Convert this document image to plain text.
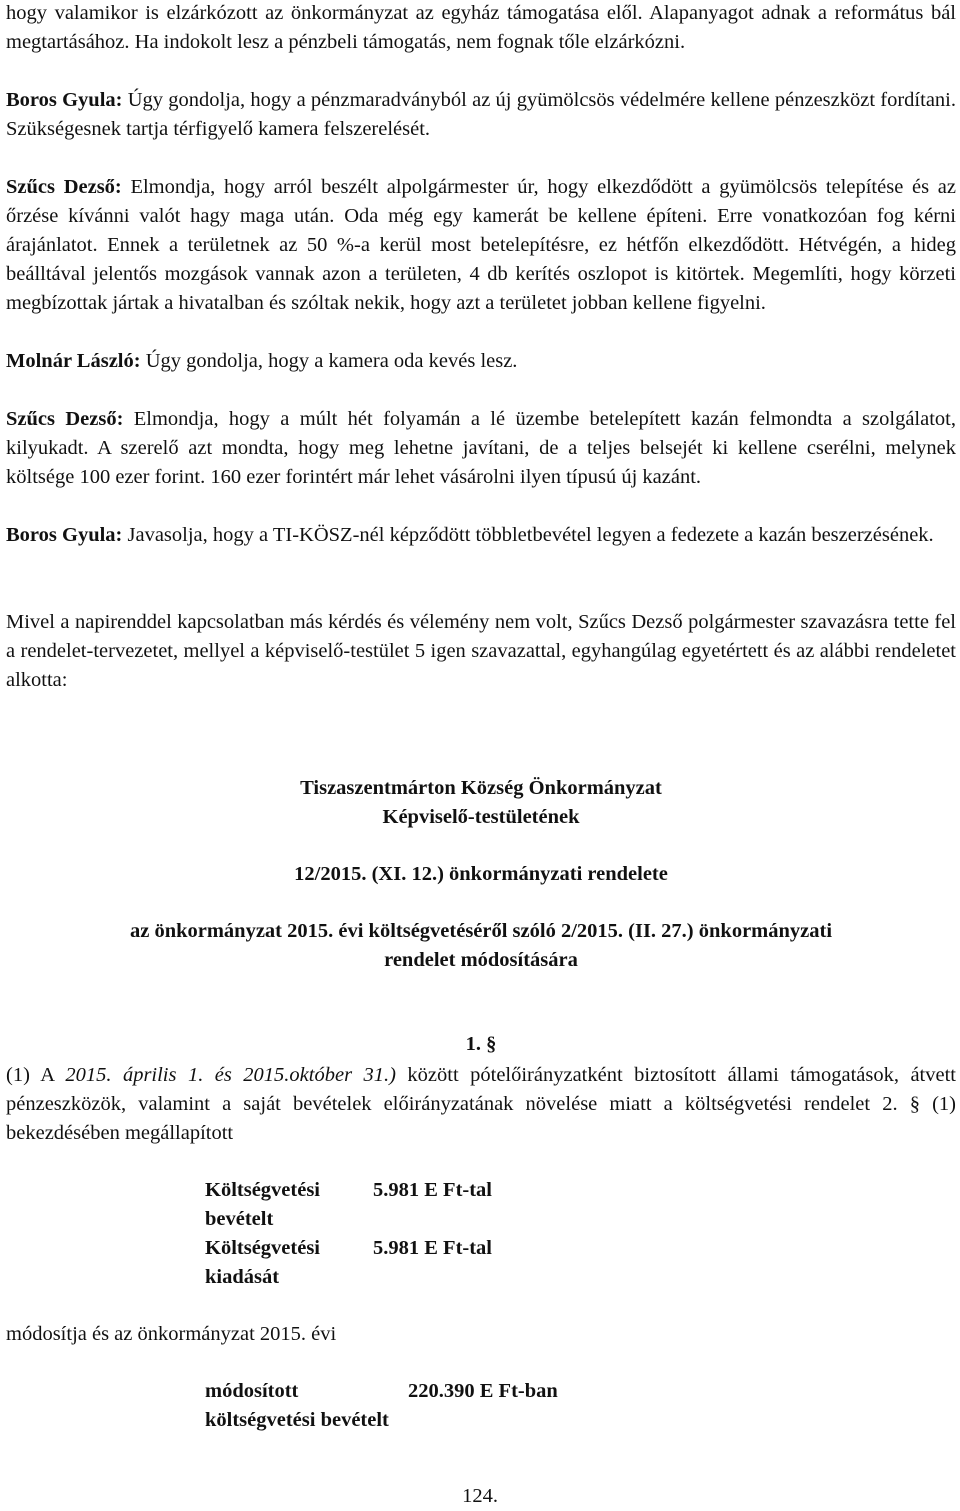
hogy valamikor is elzárkózott az önkormányzat az egyház támogatása elől. Alapanyagot adnak a református bál megtartásához. Ha indokolt lesz a pénzbeli támogatás, nem fognak tőle elzárkózni.

Boros Gyula: Úgy gondolja, hogy a pénzmaradványból az új gyümölcsös védelmére kellene pénzeszközt fordítani. Szükségesnek tartja térfigyelő kamera felszerelését.

Szűcs Dezső: Elmondja, hogy arról beszélt alpolgármester úr, hogy elkezdődött a gyümölcsös telepítése és az őrzése kívánni valót hagy maga után. Oda még egy kamerát be kellene építeni. Erre vonatkozóan fog kérni árajánlatot. Ennek a területnek az 50 %-a kerül most betelepítésre, ez hétfőn elkezdődött. Hétvégén, a hideg beálltával jelentős mozgások vannak azon a területen, 4 db kerítés oszlopot is kitörtek. Megemlíti, hogy körzeti megbízottak jártak a hivatalban és szóltak nekik, hogy azt a területet jobban kellene figyelni.

Molnár László: Úgy gondolja, hogy a kamera oda kevés lesz.

Szűcs Dezső: Elmondja, hogy a múlt hét folyamán a lé üzembe betelepített kazán felmondta a szolgálatot, kilyukadt. A szerelő azt mondta, hogy meg lehetne javítani, de a teljes belsejét ki kellene cserélni, melynek költsége 100 ezer forint. 160 ezer forintért már lehet vásárolni ilyen típusú új kazánt.

Boros Gyula: Javasolja, hogy a TI-KÖSZ-nél képződött többletbevétel legyen a fedezete a kazán beszerzésének.

Mivel a napirenddel kapcsolatban más kérdés és vélemény nem volt, Szűcs Dezső polgármester szavazásra tette fel a rendelet-tervezetet, mellyel a képviselő-testület 5 igen szavazattal, egyhangúlag egyetértett és az alábbi rendeletet alkotta:

Tiszaszentmárton Község Önkormányzat

Képviselő-testületének

12/2015. (XI. 12.) önkormányzati rendelete

az önkormányzat 2015. évi költségvetéséről szóló 2/2015. (II. 27.) önkormányzati

rendelet módosítására

1. §

(1) A 2015. április 1. és 2015.október 31.) között pótelőirányzatként biztosított állami támogatások, átvett pénzeszközök, valamint a saját bevételek előirányzatának növelése miatt a költségvetési rendelet 2. § (1) bekezdésében megállapított

Költségvetési bevételt
5.981 E Ft-tal
Költségvetési kiadását
5.981 E Ft-tal

módosítja és az önkormányzat 2015. évi

módosított költségvetési bevételt
220.390 E Ft-ban
124.
